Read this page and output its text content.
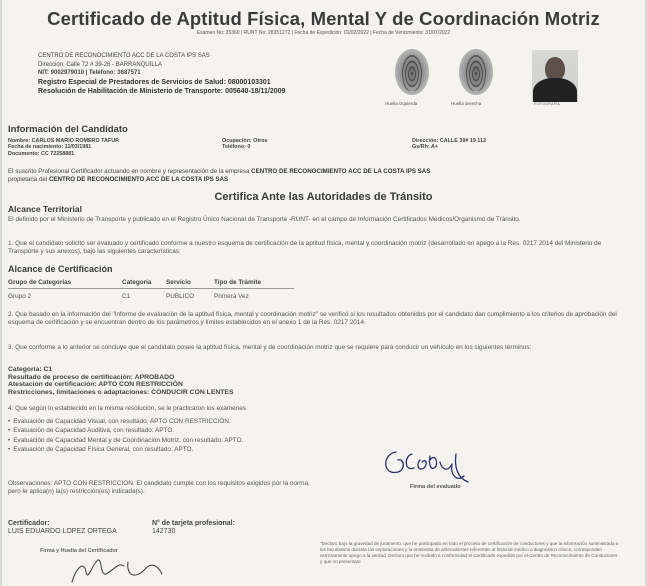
Certificado de Aptitud Física, Mental Y de Coordinación Motriz
Examen No: 35360 | RUNT No: 28351272 | Fecha de Expedición: 01/02/2022 | Fecha de Vencimiento: 31/07/2022
CENTRO DE RECONOCIMIENTO ACC DE LA COSTA IPS SAS
Dirección: Calle 72 # 39-26 - BARRANQUILLA
NIT: 9002979010 | Teléfono: 3687571
Registro Especial de Prestadores de Servicios de Salud: 08000103301
Resolución de Habilitación de Ministerio de Transporte: 005640-18/11/2009
Huella izquierda	Huella derecha	FOTOGRAFÍA
Información del Candidato
Nombre: CARLOS MARIO ROMERO TAFUR
Fecha de nacimiento: 11/03/1981
Documento: CC 72258881
Ocupación: Otros
Teléfono: 0
Dirección: CALLE 39# 19 112
Gs/Rh: A+
El suscrito Profesional Certificador actuando en nombre y representación de la empresa CENTRO DE RECONOCIMIENTO ACC DE LA COSTA IPS SAS
propietaria del CENTRO DE RECONOCIMIENTO ACC DE LA COSTA IPS SAS
Certifica Ante las Autoridades de Tránsito
Alcance Territorial
El definido por el Ministerio de Transporte y publicado en el Registro Único Nacional de Transporte -RUNT- en el campo de Información Certificados Médicos/Organismo de Tránsito.
1. Que el candidato solicitó ser evaluado y certificado conforme a nuestro esquema de certificación de la aptitud física, mental y coordinación motriz (desarrollado en apego a la Res. 0217 2014 del Ministerio de Transporte y sus anexos), bajo las siguientes características:
Alcance de Certificación
Grupo de Categorías	Categoría	Servicio	Tipo de Trámite
Grupo 2	C1	PUBLICO	Primera Vez
2. Que basado en la información del "Informe de evaluación de la aptitud física, mental y coordinación motriz" se verificó si los resultados obtenidos por el candidato dan cumplimiento a los criterios de aprobación del esquema de certificación y se encuentran dentro de los parámetros y límites establecidos en el anexo 1 de la Res. 0217 2014.
3. Que conforme a lo anterior se concluye que el candidato posee la aptitud física, mental y de coordinación motriz que se requiere para conducir un vehículo en los siguientes términos:
Categoría: C1
Resultado de proceso de certificación: APROBADO
Atestación de certificación: APTO CON RESTRICCIÓN
Restricciones, limitaciones o adaptaciones: CONDUCIR CON LENTES
4. Que según lo establecido en la misma resolución, se le practicaron los exámenes
• Evaluación de Capacidad Visual, con resultado: APTO CON RESTRICCIÓN.
• Evaluación de Capacidad Auditiva, con resultado: APTO.
• Evaluación de Capacidad Mental y de Coordinación Motriz, con resultado: APTO.
• Evaluación de Capacidad Física General, con resultado: APTO.
Firma del evaluado
Observaciones: APTO CON RESTRICCION. El candidato cumple con los requisitos exigidos por la norma, pero le aplica(n) la(s) restricción(es) indicada(s).
Certificador:
LUIS EDUARDO LOPEZ ORTEGA
N° de tarjeta profesional:
142730
Firma y Huella del Certificador
"Declaro bajo la gravedad de juramento, que he participado en todo el proceso de certificación de conductores y que la información suministrada a los facultativos durante las exploraciones y la entrevista de antecedentes referentes al historial médico o diagnóstico clínico, corresponden estrictamente apego a la verdad. Declaro que he recibido a conformidad el Certificado expedido por el Centro de Reconocimiento de Conductores y que no presentare
